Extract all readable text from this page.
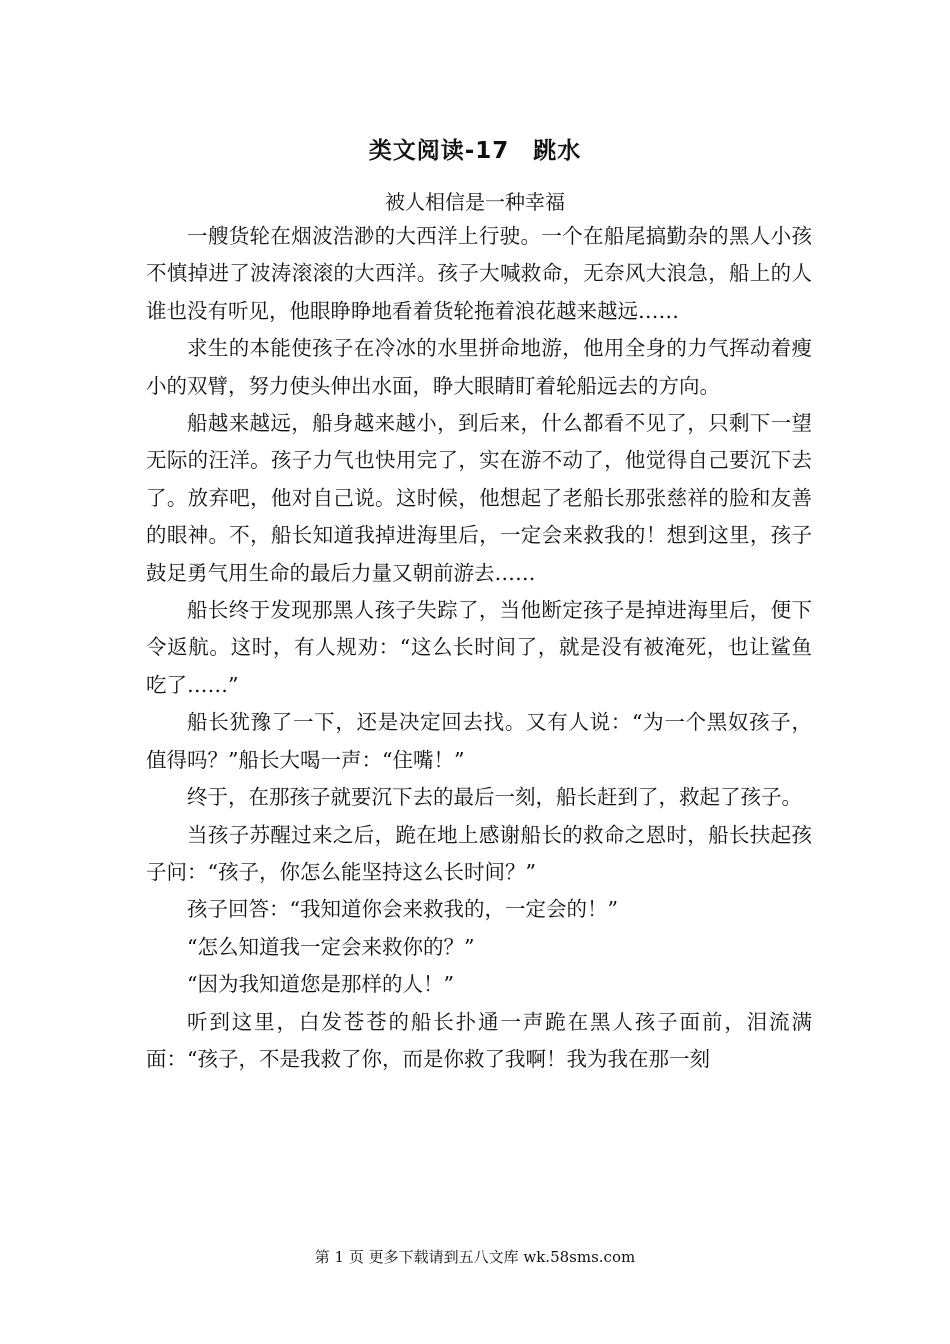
类文阅读-17　跳水
被人相信是一种幸福

一艘货轮在烟波浩渺的大西洋上行驶。一个在船尾搞勤杂的黑人小孩不慎掉进了波涛滚滚的大西洋。孩子大喊救命，无奈风大浪急，船上的人谁也没有听见，他眼睁睁地看着货轮拖着浪花越来越远……

求生的本能使孩子在冷冰的水里拼命地游，他用全身的力气挥动着瘦小的双臂，努力使头伸出水面，睁大眼睛盯着轮船远去的方向。

船越来越远，船身越来越小，到后来，什么都看不见了，只剩下一望无际的汪洋。孩子力气也快用完了，实在游不动了，他觉得自己要沉下去了。放弃吧，他对自己说。这时候，他想起了老船长那张慈祥的脸和友善的眼神。不，船长知道我掉进海里后，一定会来救我的！想到这里，孩子鼓足勇气用生命的最后力量又朝前游去……

船长终于发现那黑人孩子失踪了，当他断定孩子是掉进海里后，便下令返航。这时，有人规劝：“这么长时间了，就是没有被淹死，也让鲨鱼吃了……”

船长犹豫了一下，还是决定回去找。又有人说：“为一个黑奴孩子，值得吗？”船长大喝一声：“住嘴！”

终于，在那孩子就要沉下去的最后一刻，船长赶到了，救起了孩子。

当孩子苏醒过来之后，跪在地上感谢船长的救命之恩时，船长扶起孩子问：“孩子，你怎么能坚持这么长时间？”

孩子回答：“我知道你会来救我的，一定会的！”

“怎么知道我一定会来救你的？”

“因为我知道您是那样的人！”

听到这里，白发苍苍的船长扑通一声跪在黑人孩子面前，泪流满面：“孩子，不是我救了你，而是你救了我啊！我为我在那一刻

第 1 页 更多下载请到五八文库 wk.58sms.com
